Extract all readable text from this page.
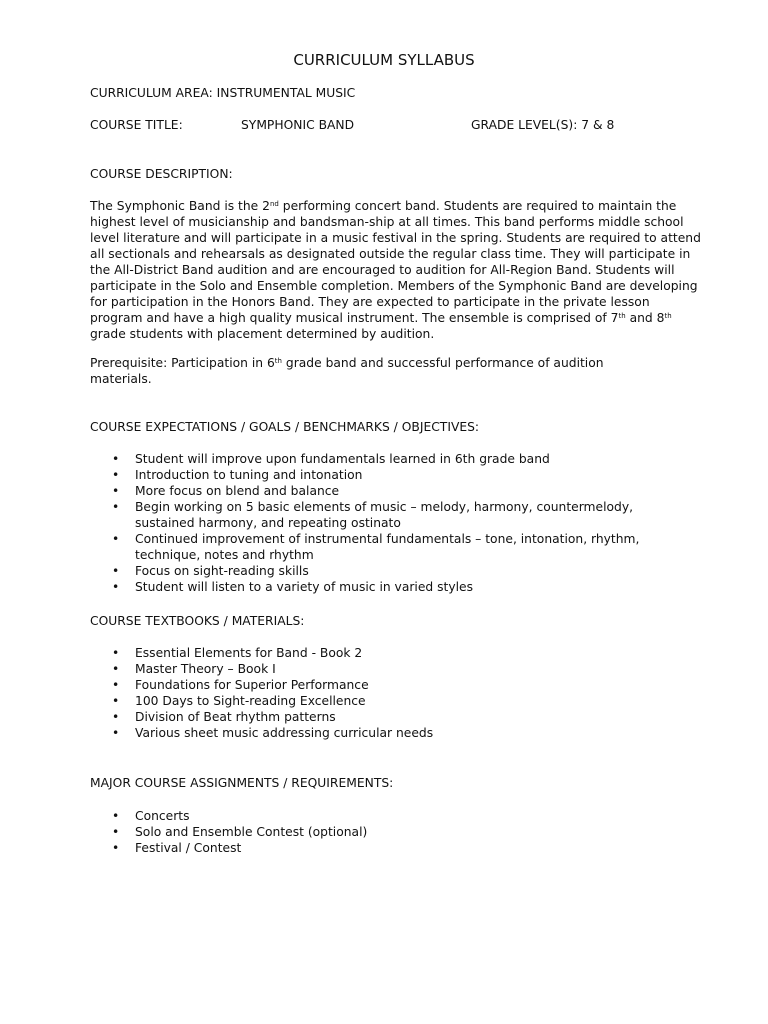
CURRICULUM SYLLABUS
CURRICULUM AREA: INSTRUMENTAL MUSIC
COURSE TITLE:	SYMPHONIC BAND	GRADE LEVEL(S): 7 & 8
COURSE DESCRIPTION:

The Symphonic Band is the 2nd performing concert band. Students are required to maintain the highest level of musicianship and bandsman-ship at all times. This band performs middle school level literature and will participate in a music festival in the spring. Students are required to attend all sectionals and rehearsals as designated outside the regular class time. They will participate in the All-District Band audition and are encouraged to audition for All-Region Band. Students will participate in the Solo and Ensemble completion. Members of the Symphonic Band are developing for participation in the Honors Band. They are expected to participate in the private lesson program and have a high quality musical instrument. The ensemble is comprised of 7th and 8th grade students with placement determined by audition.

Prerequisite: Participation in 6th grade band and successful performance of audition materials.

COURSE EXPECTATIONS / GOALS / BENCHMARKS / OBJECTIVES:
• Student will improve upon fundamentals learned in 6th grade band
• Introduction to tuning and intonation
• More focus on blend and balance
• Begin working on 5 basic elements of music – melody, harmony, countermelody, sustained harmony, and repeating ostinato
• Continued improvement of instrumental fundamentals – tone, intonation, rhythm, technique, notes and rhythm
• Focus on sight-reading skills
• Student will listen to a variety of music in varied styles
COURSE TEXTBOOKS / MATERIALS:
• Essential Elements for Band - Book 2
• Master Theory – Book I
• Foundations for Superior Performance
• 100 Days to Sight-reading Excellence
• Division of Beat rhythm patterns
• Various sheet music addressing curricular needs
MAJOR COURSE ASSIGNMENTS / REQUIREMENTS:
• Concerts
• Solo and Ensemble Contest (optional)
• Festival / Contest
